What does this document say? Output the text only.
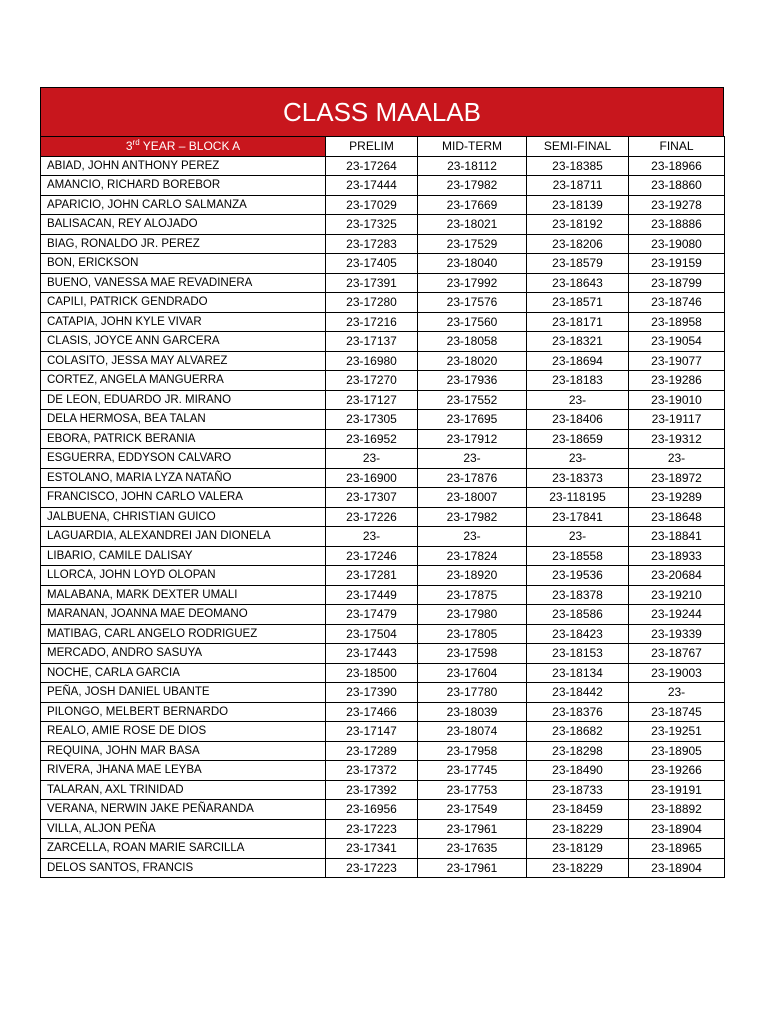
CLASS MAALAB
3rd YEAR – BLOCK A	PRELIM	MID-TERM	SEMI-FINAL	FINAL
ABIAD, JOHN ANTHONY PEREZ	23-17264	23-18112	23-18385	23-18966
AMANCIO, RICHARD BOREBOR	23-17444	23-17982	23-18711	23-18860
APARICIO, JOHN CARLO SALMANZA	23-17029	23-17669	23-18139	23-19278
BALISACAN, REY ALOJADO	23-17325	23-18021	23-18192	23-18886
BIAG, RONALDO JR. PEREZ	23-17283	23-17529	23-18206	23-19080
BON, ERICKSON	23-17405	23-18040	23-18579	23-19159
BUENO, VANESSA MAE REVADINERA	23-17391	23-17992	23-18643	23-18799
CAPILI, PATRICK GENDRADO	23-17280	23-17576	23-18571	23-18746
CATAPIA, JOHN KYLE VIVAR	23-17216	23-17560	23-18171	23-18958
CLASIS, JOYCE ANN GARCERA	23-17137	23-18058	23-18321	23-19054
COLASITO, JESSA MAY ALVAREZ	23-16980	23-18020	23-18694	23-19077
CORTEZ, ANGELA MANGUERRA	23-17270	23-17936	23-18183	23-19286
DE LEON, EDUARDO JR. MIRANO	23-17127	23-17552	23-	23-19010
DELA HERMOSA, BEA TALAN	23-17305	23-17695	23-18406	23-19117
EBORA, PATRICK BERANIA	23-16952	23-17912	23-18659	23-19312
ESGUERRA, EDDYSON CALVARO	23-	23-	23-	23-
ESTOLANO, MARIA LYZA NATAÑO	23-16900	23-17876	23-18373	23-18972
FRANCISCO, JOHN CARLO VALERA	23-17307	23-18007	23-118195	23-19289
JALBUENA, CHRISTIAN GUICO	23-17226	23-17982	23-17841	23-18648
LAGUARDIA, ALEXANDREI JAN DIONELA	23-	23-	23-	23-18841
LIBARIO, CAMILE DALISAY	23-17246	23-17824	23-18558	23-18933
LLORCA, JOHN LOYD OLOPAN	23-17281	23-18920	23-19536	23-20684
MALABANA, MARK DEXTER UMALI	23-17449	23-17875	23-18378	23-19210
MARANAN, JOANNA MAE DEOMANO	23-17479	23-17980	23-18586	23-19244
MATIBAG, CARL ANGELO RODRIGUEZ	23-17504	23-17805	23-18423	23-19339
MERCADO, ANDRO SASUYA	23-17443	23-17598	23-18153	23-18767
NOCHE, CARLA GARCIA	23-18500	23-17604	23-18134	23-19003
PEÑA, JOSH DANIEL UBANTE	23-17390	23-17780	23-18442	23-
PILONGO, MELBERT BERNARDO	23-17466	23-18039	23-18376	23-18745
REALO, AMIE ROSE DE DIOS	23-17147	23-18074	23-18682	23-19251
REQUINA, JOHN MAR BASA	23-17289	23-17958	23-18298	23-18905
RIVERA, JHANA MAE LEYBA	23-17372	23-17745	23-18490	23-19266
TALARAN, AXL TRINIDAD	23-17392	23-17753	23-18733	23-19191
VERANA, NERWIN JAKE PEÑARANDA	23-16956	23-17549	23-18459	23-18892
VILLA, ALJON PEÑA	23-17223	23-17961	23-18229	23-18904
ZARCELLA, ROAN MARIE SARCILLA	23-17341	23-17635	23-18129	23-18965
DELOS SANTOS, FRANCIS	23-17223	23-17961	23-18229	23-18904
